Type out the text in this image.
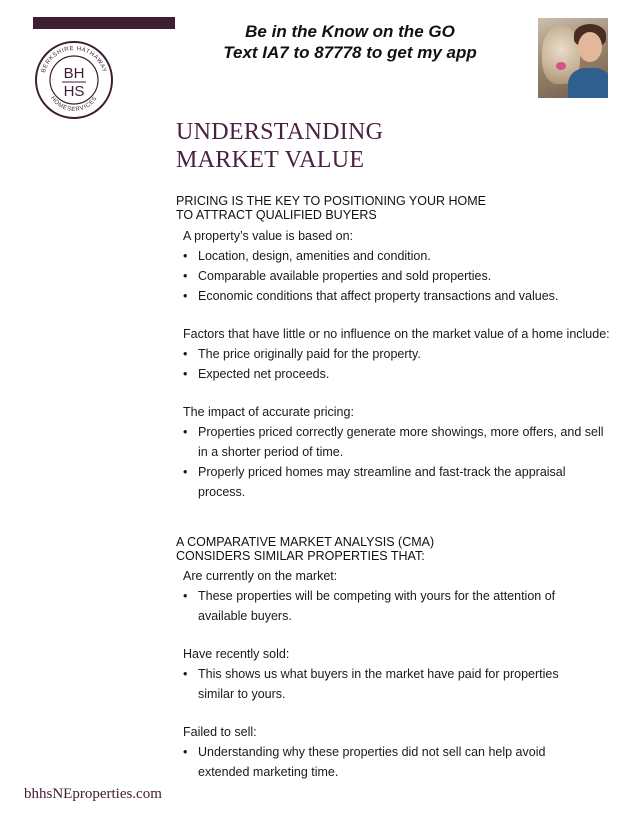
Be in the Know on the GO
Text IA7 to 87778 to get my app
BERKSHIRE HATHAWAY
HOMESERVICES
BH
HS
UNDERSTANDING
MARKET VALUE
PRICING IS THE KEY TO POSITIONING YOUR HOME
TO ATTRACT QUALIFIED BUYERS
A property’s value is based on:
• Location, design, amenities and condition.
• Comparable available properties and sold properties.
• Economic conditions that affect property transactions and values.
Factors that have little or no influence on the market value of a home include:
• The price originally paid for the property.
• Expected net proceeds.
The impact of accurate pricing:
• Properties priced correctly generate more showings, more offers, and sell
in a shorter period of time.
• Properly priced homes may streamline and fast-track the appraisal
process.
A COMPARATIVE MARKET ANALYSIS (CMA)
CONSIDERS SIMILAR PROPERTIES THAT:
Are currently on the market:
• These properties will be competing with yours for the attention of
available buyers.
Have recently sold:
• This shows us what buyers in the market have paid for properties
similar to yours.
Failed to sell:
• Understanding why these properties did not sell can help avoid
extended marketing time.
bhhsNEproperties.com
